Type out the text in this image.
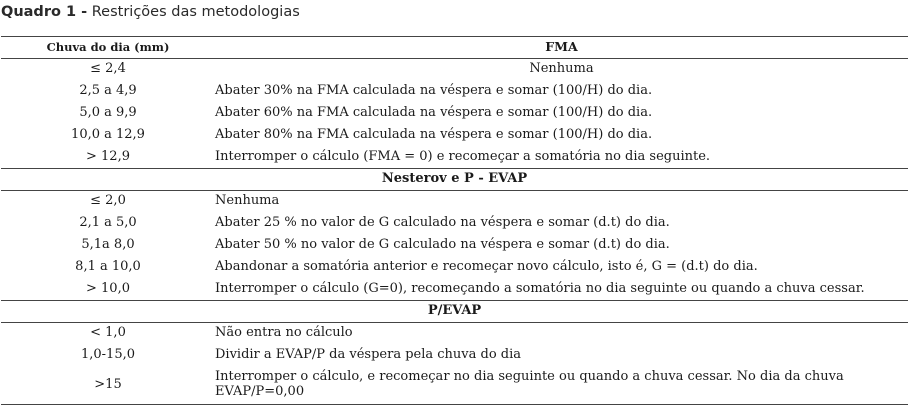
Quadro 1 - Restrições das metodologias
Chuva do dia (mm)	FMA
≤ 2,4	Nenhuma
2,5 a 4,9	Abater 30% na FMA calculada na véspera e somar (100/H) do dia.
5,0 a 9,9	Abater 60% na FMA calculada na véspera e somar (100/H) do dia.
10,0 a 12,9	Abater 80% na FMA calculada na véspera e somar (100/H) do dia.
> 12,9	Interromper o cálculo (FMA = 0) e recomeçar a somatória no dia seguinte.
Nesterov e P - EVAP	
≤ 2,0	Nenhuma
2,1 a 5,0	Abater 25 % no valor de G calculado na véspera e somar (d.t) do dia.
5,1a 8,0	Abater 50 % no valor de G calculado na véspera e somar (d.t) do dia.
8,1 a 10,0	Abandonar a somatória anterior e recomeçar novo cálculo, isto é, G = (d.t) do dia.
> 10,0	Interromper o cálculo (G=0), recomeçando a somatória no dia seguinte ou quando a chuva cessar.
P/EVAP	
< 1,0	Não entra no cálculo
1,0-15,0	Dividir a EVAP/P da véspera pela chuva do dia
>15	Interromper o cálculo, e recomeçar no dia seguinte ou quando a chuva cessar. No dia da chuva EVAP/P=0,00
